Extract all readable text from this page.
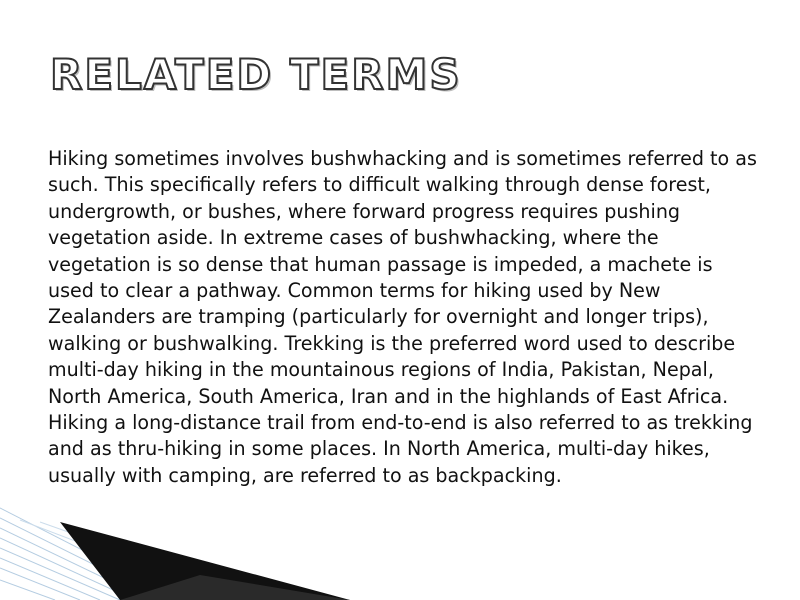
RELATED TERMS

Hiking sometimes involves bushwhacking and is sometimes referred to as such. This specifically refers to difficult walking through dense forest, undergrowth, or bushes, where forward progress requires pushing vegetation aside. In extreme cases of bushwhacking, where the vegetation is so dense that human passage is impeded, a machete is used to clear a pathway. Common terms for hiking used by New Zealanders are tramping (particularly for overnight and longer trips), walking or bushwalking. Trekking is the preferred word used to describe multi-day hiking in the mountainous regions of India, Pakistan, Nepal, North America, South America, Iran and in the highlands of East Africa. Hiking a long-distance trail from end-to-end is also referred to as trekking and as thru-hiking in some places. In North America, multi-day hikes, usually with camping, are referred to as backpacking.
